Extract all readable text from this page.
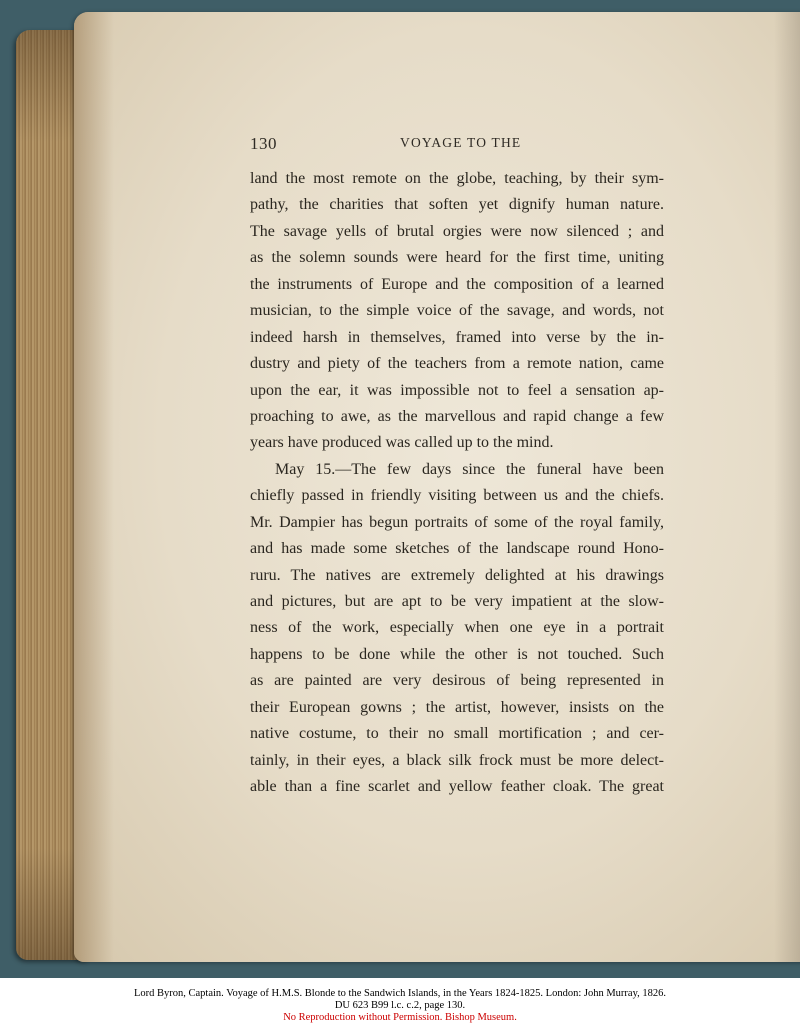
130	VOYAGE TO THE
land the most remote on the globe, teaching, by their sym-
pathy, the charities that soften yet dignify human nature.
The savage yells of brutal orgies were now silenced ; and
as the solemn sounds were heard for the first time, uniting
the instruments of Europe and the composition of a learned
musician, to the simple voice of the savage, and words, not
indeed harsh in themselves, framed into verse by the in-
dustry and piety of the teachers from a remote nation, came
upon the ear, it was impossible not to feel a sensation ap-
proaching to awe, as the marvellous and rapid change a few
years have produced was called up to the mind.
May 15.—The few days since the funeral have been
chiefly passed in friendly visiting between us and the chiefs.
Mr. Dampier has begun portraits of some of the royal family,
and has made some sketches of the landscape round Hono-
ruru. The natives are extremely delighted at his drawings
and pictures, but are apt to be very impatient at the slow-
ness of the work, especially when one eye in a portrait
happens to be done while the other is not touched. Such
as are painted are very desirous of being represented in
their European gowns ; the artist, however, insists on the
native costume, to their no small mortification ; and cer-
tainly, in their eyes, a black silk frock must be more delect-
able than a fine scarlet and yellow feather cloak. The great
Lord Byron, Captain. Voyage of H.M.S. Blonde to the Sandwich Islands, in the Years 1824-1825. London: John Murray, 1826.
DU 623 B99 l.c. c.2, page 130.
No Reproduction without Permission. Bishop Museum.
